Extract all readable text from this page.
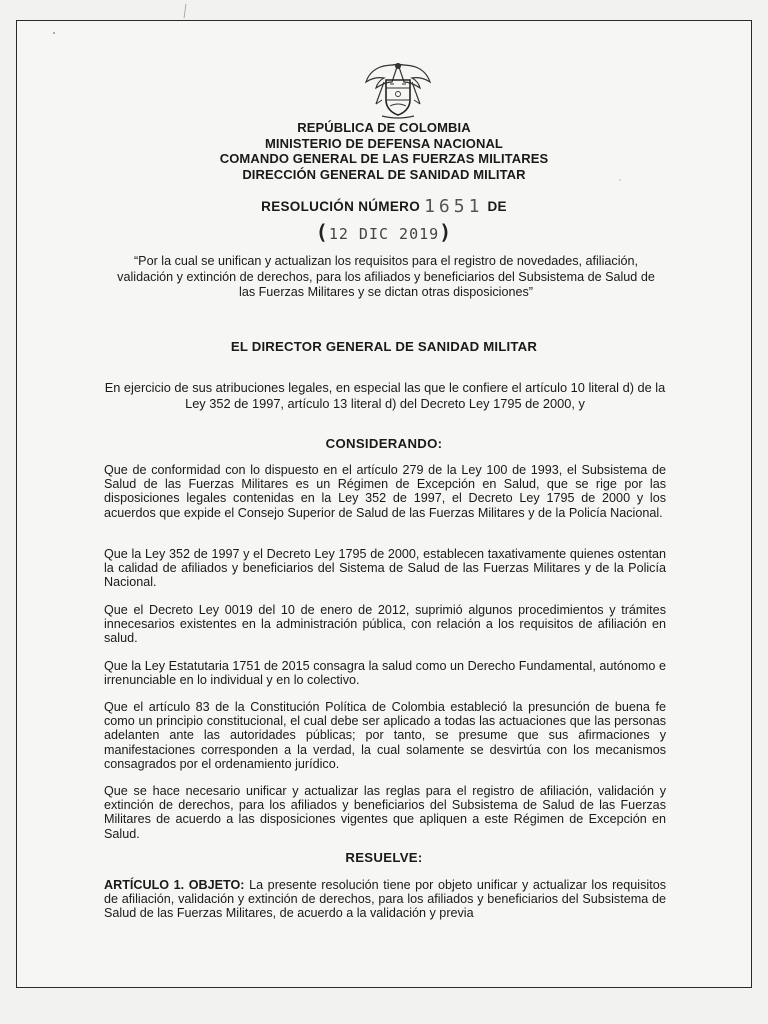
REPÚBLICA DE COLOMBIA
MINISTERIO DE DEFENSA NACIONAL
COMANDO GENERAL DE LAS FUERZAS MILITARES
DIRECCIÓN GENERAL DE SANIDAD MILITAR
RESOLUCIÓN NÚMERO 1651 DE
(12 DIC 2019)
“Por la cual se unifican y actualizan los requisitos para el registro de novedades, afiliación, validación y extinción de derechos, para los afiliados y beneficiarios del Subsistema de Salud de las Fuerzas Militares y se dictan otras disposiciones”
EL DIRECTOR GENERAL DE SANIDAD MILITAR
En ejercicio de sus atribuciones legales, en especial las que le confiere el artículo 10 literal d) de la Ley 352 de 1997, artículo 13 literal d) del Decreto Ley 1795 de 2000, y
CONSIDERANDO:
Que de conformidad con lo dispuesto en el artículo 279 de la Ley 100 de 1993, el Subsistema de Salud de las Fuerzas Militares es un Régimen de Excepción en Salud, que se rige por las disposiciones legales contenidas en la Ley 352 de 1997, el Decreto Ley 1795 de 2000 y los acuerdos que expide el Consejo Superior de Salud de las Fuerzas Militares y de la Policía Nacional.
Que la Ley 352 de 1997 y el Decreto Ley 1795 de 2000, establecen taxativamente quienes ostentan la calidad de afiliados y beneficiarios del Sistema de Salud de las Fuerzas Militares y de la Policía Nacional.
Que el Decreto Ley 0019 del 10 de enero de 2012, suprimió algunos procedimientos y trámites innecesarios existentes en la administración pública, con relación a los requisitos de afiliación en salud.
Que la Ley Estatutaria 1751 de 2015 consagra la salud como un Derecho Fundamental, autónomo e irrenunciable en lo individual y en lo colectivo.
Que el artículo 83 de la Constitución Política de Colombia estableció la presunción de buena fe como un principio constitucional, el cual debe ser aplicado a todas las actuaciones que las personas adelanten ante las autoridades públicas; por tanto, se presume que sus afirmaciones y manifestaciones corresponden a la verdad, la cual solamente se desvirtúa con los mecanismos consagrados por el ordenamiento jurídico.
Que se hace necesario unificar y actualizar las reglas para el registro de afiliación, validación y extinción de derechos, para los afiliados y beneficiarios del Subsistema de Salud de las Fuerzas Militares de acuerdo a las disposiciones vigentes que apliquen a este Régimen de Excepción en Salud.
RESUELVE:
ARTÍCULO 1. OBJETO: La presente resolución tiene por objeto unificar y actualizar los requisitos de afiliación, validación y extinción de derechos, para los afiliados y beneficiarios del Subsistema de Salud de las Fuerzas Militares, de acuerdo a la validación y previa
